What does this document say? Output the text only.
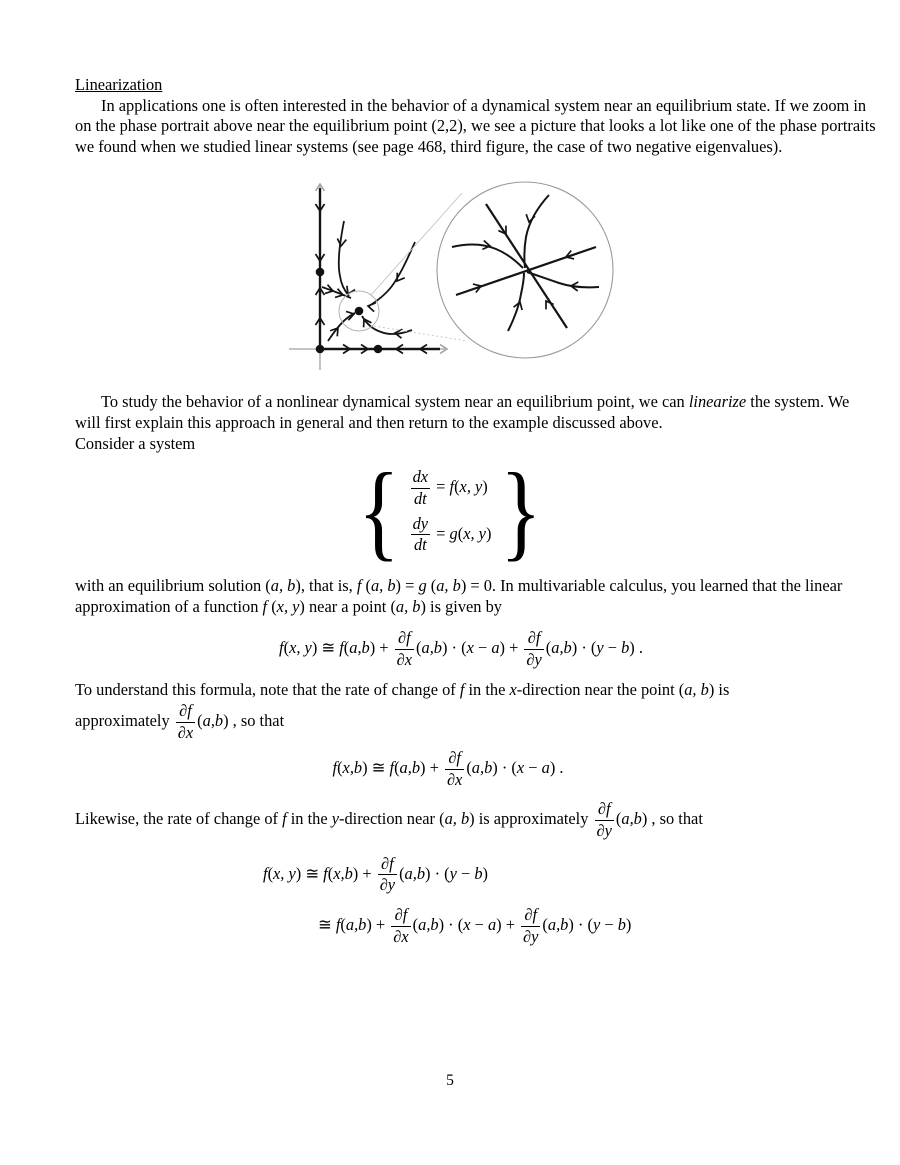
Linearization

In applications one is often interested in the behavior of a dynamical system near an equilibrium state. If we zoom in on the phase portrait above near the equilibrium point (2,2), we see a picture that looks a lot like one of the phase portraits we found when we studied linear systems (see page 468, third figure, the case of two negative eigenvalues).

To study the behavior of a nonlinear dynamical system near an equilibrium point, we can linearize the system. We will first explain this approach in general and then return to the example discussed above.

Consider a system

{ $\frac{dx}{dt} = f(x$, y)
$\frac{dy}{dt} = g(x$, y) }

with an equilibrium solution (a, b), that is, f (a, b) = g (a, b) = 0. In multivariable calculus, you learned that the linear approximation of a function f (x, y) near a point (a, b) is given by

f(x, y) ≅ $f(a,b) + \frac{\partial f}{\partial x} (a,b) \cdot (x - a) + \frac{\partial f}{\partial y} (a,b) \cdot (y - b)$ .

To understand this formula, note that the rate of change of f in the x-direction near the point (a, b) is

approximately $\frac{\partial f}{\partial x} (a,b)$ , so that

f(x,b) ≅ $f(a,b) + \frac{\partial f}{\partial x} (a,b) \cdot (x - a)$ .

Likewise, the rate of change of f in the y-direction near (a, b) is approximately $\frac{\partial f}{\partial y} (a,b)$ , so that

f(x, y) ≅ $f(x,b) + \frac{\partial f}{\partial y} (a,b) \cdot (y - b)$
≅ $f(a,b) + \frac{\partial f}{\partial x} (a,b) \cdot (x - a) + \frac{\partial f}{\partial y} (a,b) \cdot (y - b)$
5
